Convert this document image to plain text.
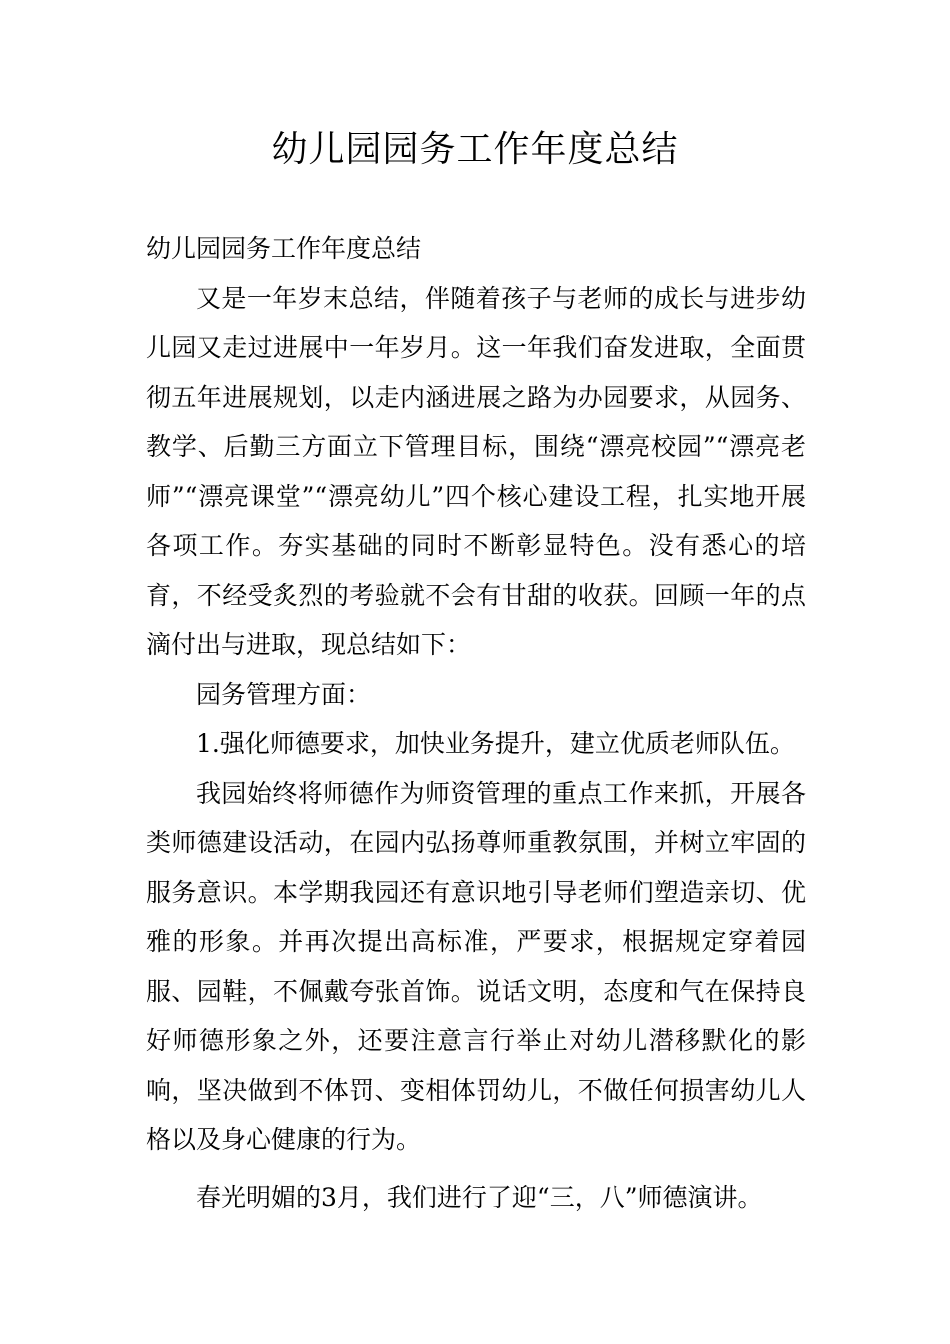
幼儿园园务工作年度总结

幼儿园园务工作年度总结

又是一年岁末总结，伴随着孩子与老师的成长与进步幼儿园又走过进展中一年岁月。这一年我们奋发进取，全面贯彻五年进展规划，以走内涵进展之路为办园要求，从园务、教学、后勤三方面立下管理目标，围绕“漂亮校园”“漂亮老师”“漂亮课堂”“漂亮幼儿”四个核心建设工程，扎实地开展各项工作。夯实基础的同时不断彰显特色。没有悉心的培育，不经受炙烈的考验就不会有甘甜的收获。回顾一年的点滴付出与进取，现总结如下：

园务管理方面：

1.强化师德要求，加快业务提升，建立优质老师队伍。

我园始终将师德作为师资管理的重点工作来抓，开展各类师德建设活动，在园内弘扬尊师重教氛围，并树立牢固的服务意识。本学期我园还有意识地引导老师们塑造亲切、优雅的形象。并再次提出高标准，严要求，根据规定穿着园服、园鞋，不佩戴夸张首饰。说话文明，态度和气在保持良好师德形象之外，还要注意言行举止对幼儿潜移默化的影响，坚决做到不体罚、变相体罚幼儿，不做任何损害幼儿人格以及身心健康的行为。

春光明媚的3月，我们进行了迎“三，八”师德演讲。
